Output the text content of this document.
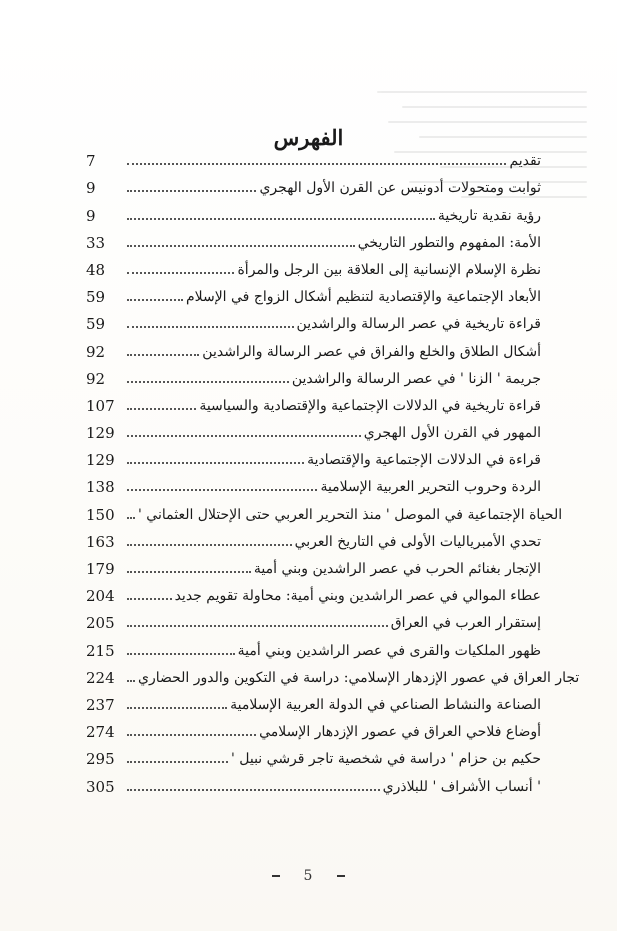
الفهرس
7	تقديم
9	ثوابت ومتحولات أدونيس عن القرن الأول الهجري
9	رؤية نقدية تاريخية
33	الأمة: المفهوم والتطور التاريخي
48	نظرة الإسلام الإنسانية إلى العلاقة بين الرجل والمرأة
59	الأبعاد الإجتماعية والإقتصادية لتنظيم أشكال الزواج في الإسلام
59	قراءة تاريخية في عصر الرسالة والراشدين
92	أشكال الطلاق والخلع والفراق في عصر الرسالة والراشدين
92	جريمة ' الزنا ' في عصر الرسالة والراشدين
107	قراءة تاريخية في الدلالات الإجتماعية والإقتصادية والسياسية
129	المهور في القرن الأول الهجري
129	قراءة في الدلالات الإجتماعية والإقتصادية
138	الردة وحروب التحرير العربية الإسلامية
150	الحياة الإجتماعية في الموصل ' منذ التحرير العربي حتى الإحتلال العثماني '
163	تحدي الأمبرياليات الأولى في التاريخ العربي
179	الإتجار بغنائم الحرب في عصر الراشدين وبني أمية
204	عطاء الموالي في عصر الراشدين وبني أمية: محاولة تقويم جديد
205	إستقرار العرب في العراق
215	ظهور الملكيات والقرى في عصر الراشدين وبني أمية
224	تجار العراق في عصور الإزدهار الإسلامي: دراسة في التكوين والدور الحضاري
237	الصناعة والنشاط الصناعي في الدولة العربية الإسلامية
274	أوضاع فلاحي العراق في عصور الإزدهار الإسلامي
295	حكيم بن حزام ' دراسة في شخصية تاجر قرشي نبيل '
305	' أنساب الأشراف ' للبلاذري
5
